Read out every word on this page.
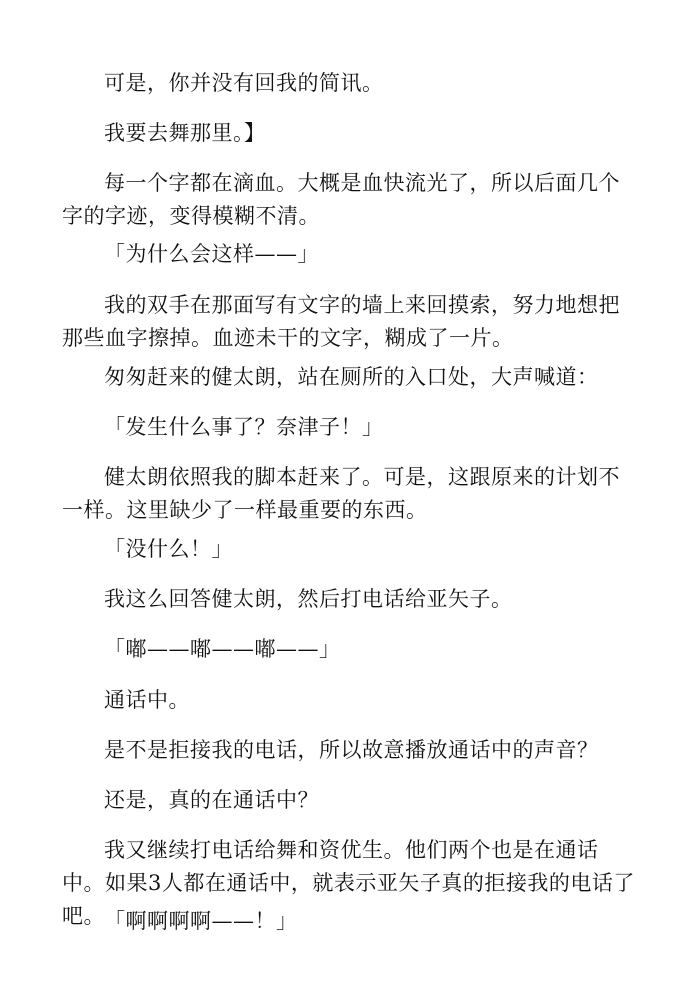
可是，你并没有回我的简讯。

我要去舞那里。】

每一个字都在滴血。大概是血快流光了，所以后面几个字的字迹，变得模糊不清。

「为什么会这样——」

我的双手在那面写有文字的墙上来回摸索，努力地想把那些血字擦掉。血迹未干的文字，糊成了一片。

匆匆赶来的健太朗，站在厕所的入口处，大声喊道：

「发生什么事了？奈津子！」

健太朗依照我的脚本赶来了。可是，这跟原来的计划不一样。这里缺少了一样最重要的东西。

「没什么！」

我这么回答健太朗，然后打电话给亚矢子。

「嘟——嘟——嘟——」

通话中。

是不是拒接我的电话，所以故意播放通话中的声音？

还是，真的在通话中？

我又继续打电话给舞和资优生。他们两个也是在通话中。如果3人都在通话中，就表示亚矢子真的拒接我的电话了吧。 「啊啊啊啊——！」
